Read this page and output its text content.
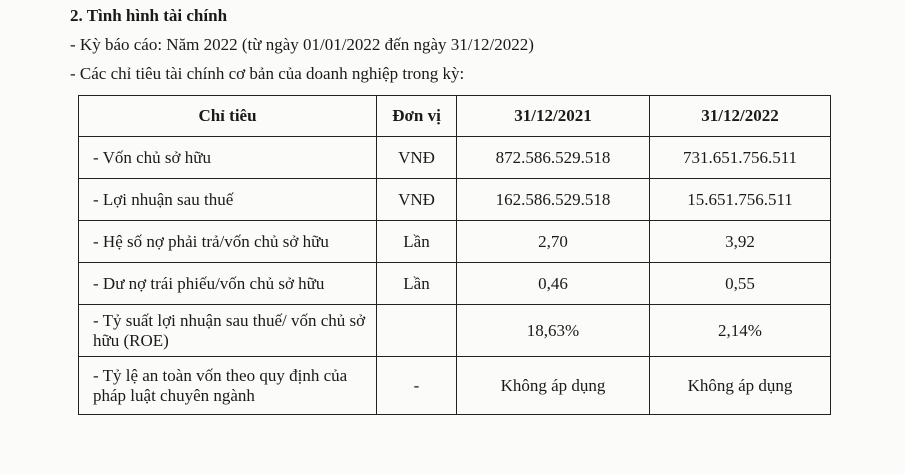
2. Tình hình tài chính
- Kỳ báo cáo: Năm 2022 (từ ngày 01/01/2022 đến ngày 31/12/2022)
- Các chỉ tiêu tài chính cơ bản của doanh nghiệp trong kỳ:
Chỉ tiêu	Đơn vị	31/12/2021	31/12/2022
- Vốn chủ sở hữu	VNĐ	872.586.529.518	731.651.756.511
- Lợi nhuận sau thuế	VNĐ	162.586.529.518	15.651.756.511
- Hệ số nợ phải trả/vốn chủ sở hữu	Lần	2,70	3,92
- Dư nợ trái phiếu/vốn chủ sở hữu	Lần	0,46	0,55
- Tỷ suất lợi nhuận sau thuế/ vốn chủ sở hữu (ROE)		18,63%	2,14%
- Tỷ lệ an toàn vốn theo quy định của pháp luật chuyên ngành	-	Không áp dụng	Không áp dụng
